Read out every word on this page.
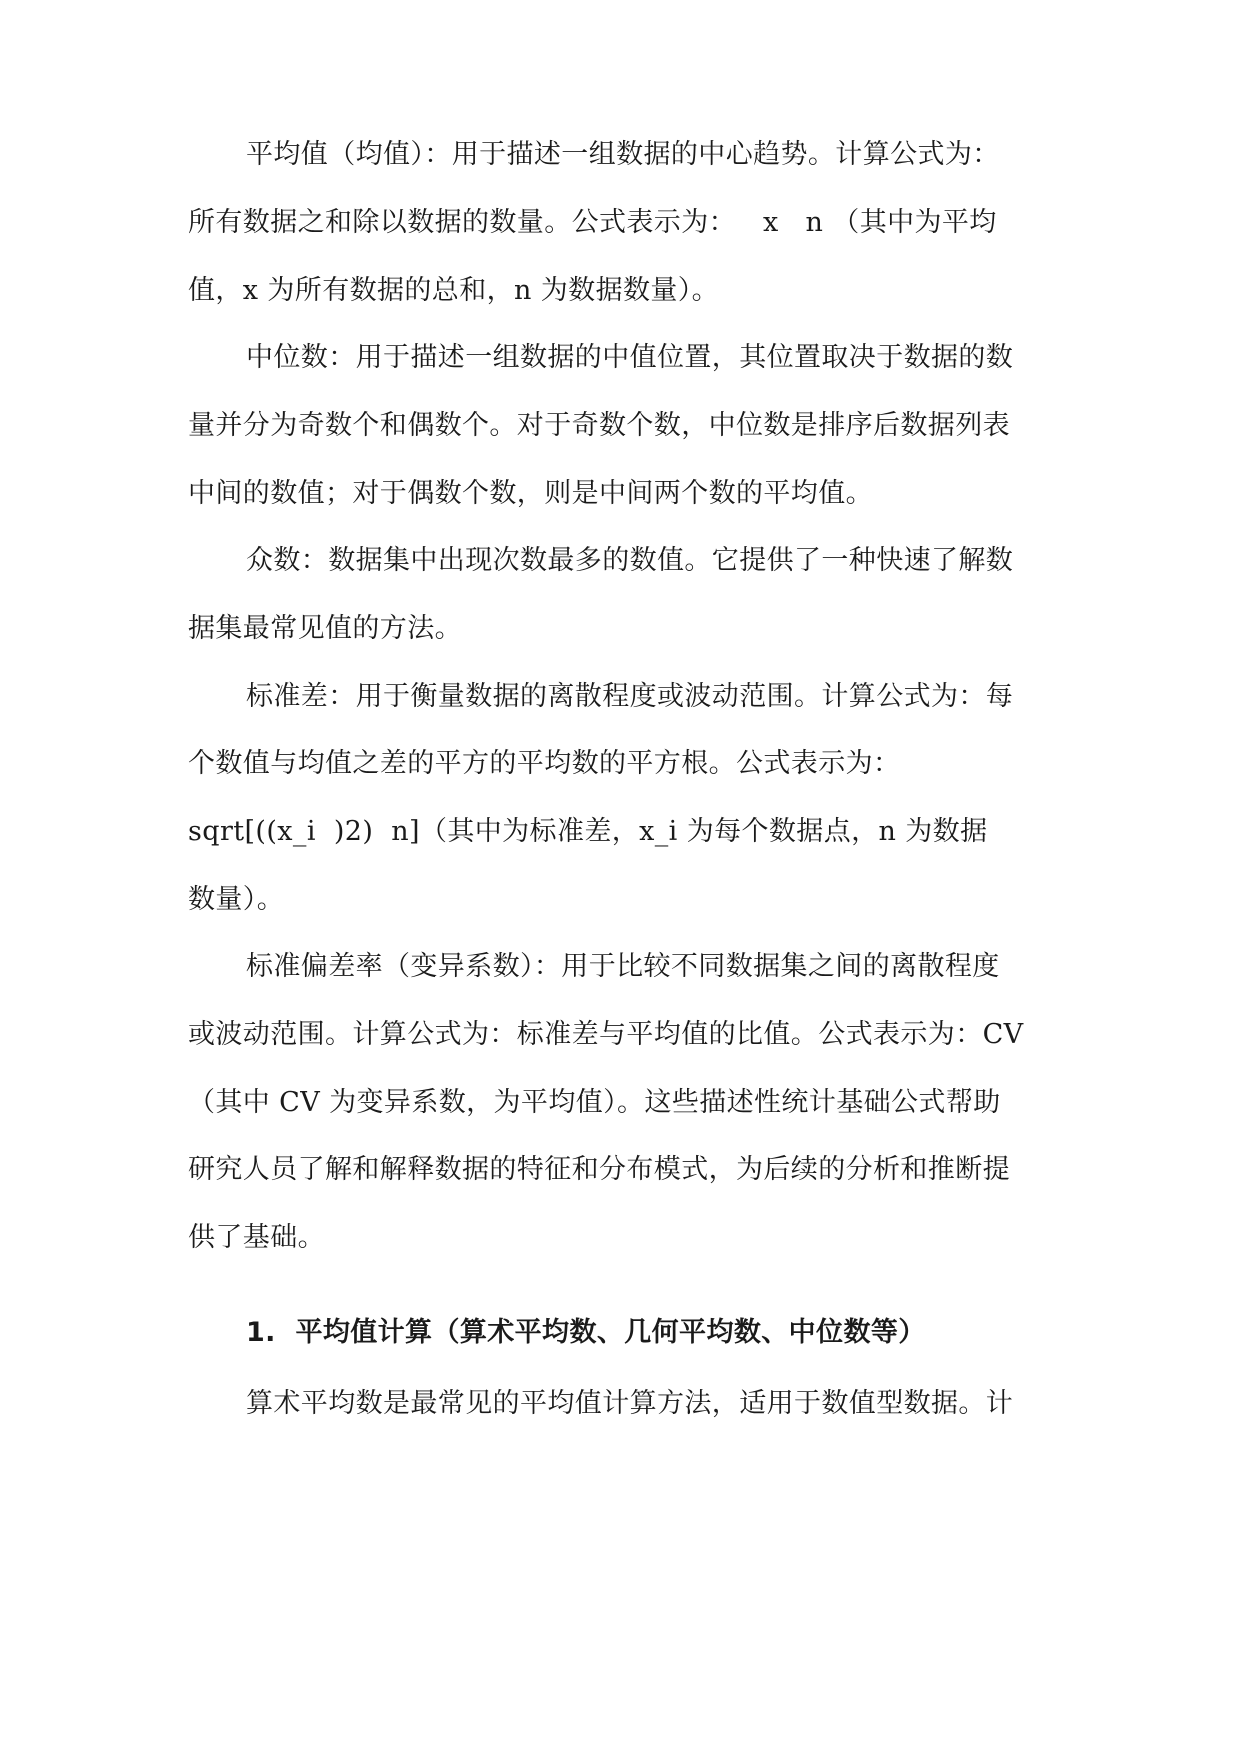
平均值（均值）：用于描述一组数据的中心趋势。计算公式为：
所有数据之和除以数据的数量。公式表示为：   x   n （其中为平均
值，x 为所有数据的总和，n 为数据数量）。
中位数：用于描述一组数据的中值位置，其位置取决于数据的数
量并分为奇数个和偶数个。对于奇数个数，中位数是排序后数据列表
中间的数值；对于偶数个数，则是中间两个数的平均值。
众数：数据集中出现次数最多的数值。它提供了一种快速了解数
据集最常见值的方法。
标准差：用于衡量数据的离散程度或波动范围。计算公式为：每
个数值与均值之差的平方的平均数的平方根。公式表示为：
sqrt[((x_i  )2)  n]（其中为标准差，x_i 为每个数据点，n 为数据
数量）。
标准偏差率（变异系数）：用于比较不同数据集之间的离散程度
或波动范围。计算公式为：标准差与平均值的比值。公式表示为：CV
（其中 CV 为变异系数，为平均值）。这些描述性统计基础公式帮助
研究人员了解和解释数据的特征和分布模式，为后续的分析和推断提
供了基础。
1.  平均值计算（算术平均数、几何平均数、中位数等）
算术平均数是最常见的平均值计算方法，适用于数值型数据。计
